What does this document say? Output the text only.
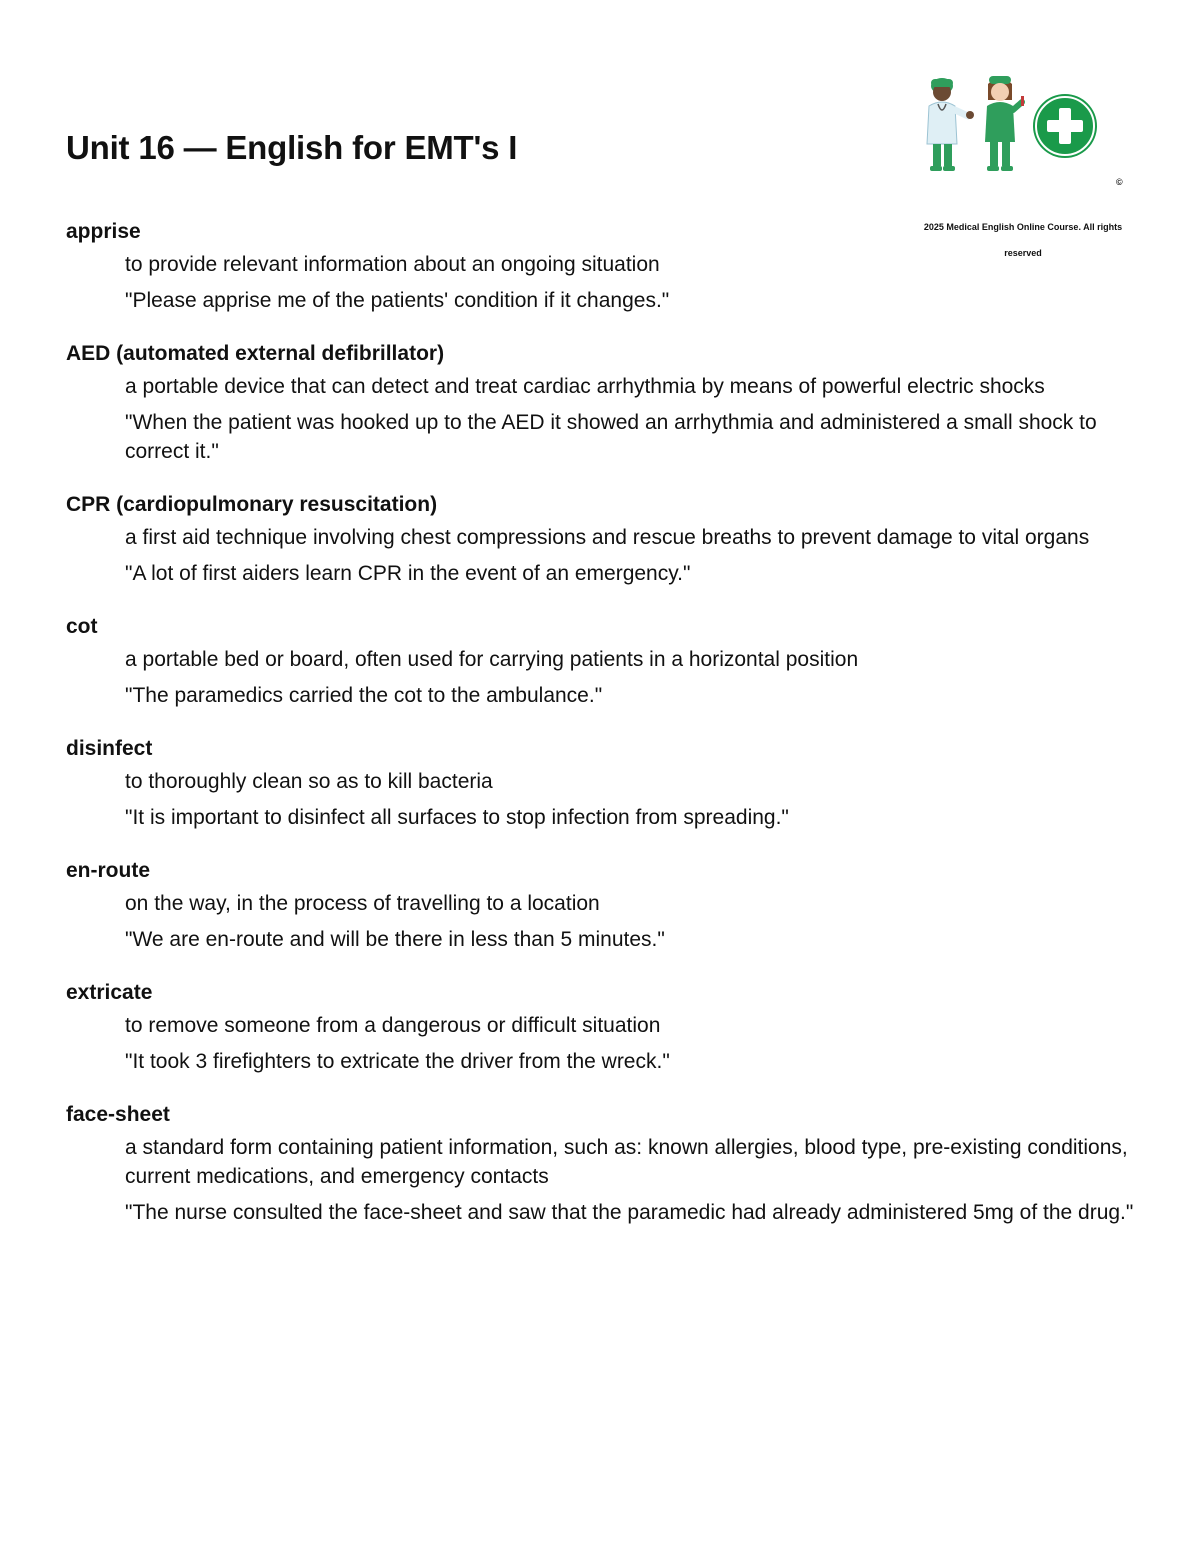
Unit 16 — English for EMT's I
©
2025 Medical English Online Course. All rights reserved
apprise
to provide relevant information about an ongoing situation
"Please apprise me of the patients' condition if it changes."
AED (automated external defibrillator)
a portable device that can detect and treat cardiac arrhythmia by means of powerful electric shocks
"When the patient was hooked up to the AED it showed an arrhythmia and administered a small shock to correct it."
CPR (cardiopulmonary resuscitation)
a first aid technique involving chest compressions and rescue breaths to prevent damage to vital organs
"A lot of first aiders learn CPR in the event of an emergency."
cot
a portable bed or board, often used for carrying patients in a horizontal position
"The paramedics carried the cot to the ambulance."
disinfect
to thoroughly clean so as to kill bacteria
"It is important to disinfect all surfaces to stop infection from spreading."
en-route
on the way, in the process of travelling to a location
"We are en-route and will be there in less than 5 minutes."
extricate
to remove someone from a dangerous or difficult situation
"It took 3 firefighters to extricate the driver from the wreck."
face-sheet
a standard form containing patient information, such as: known allergies, blood type, pre-existing conditions, current medications, and emergency contacts
"The nurse consulted the face-sheet and saw that the paramedic had already administered 5mg of the drug."
